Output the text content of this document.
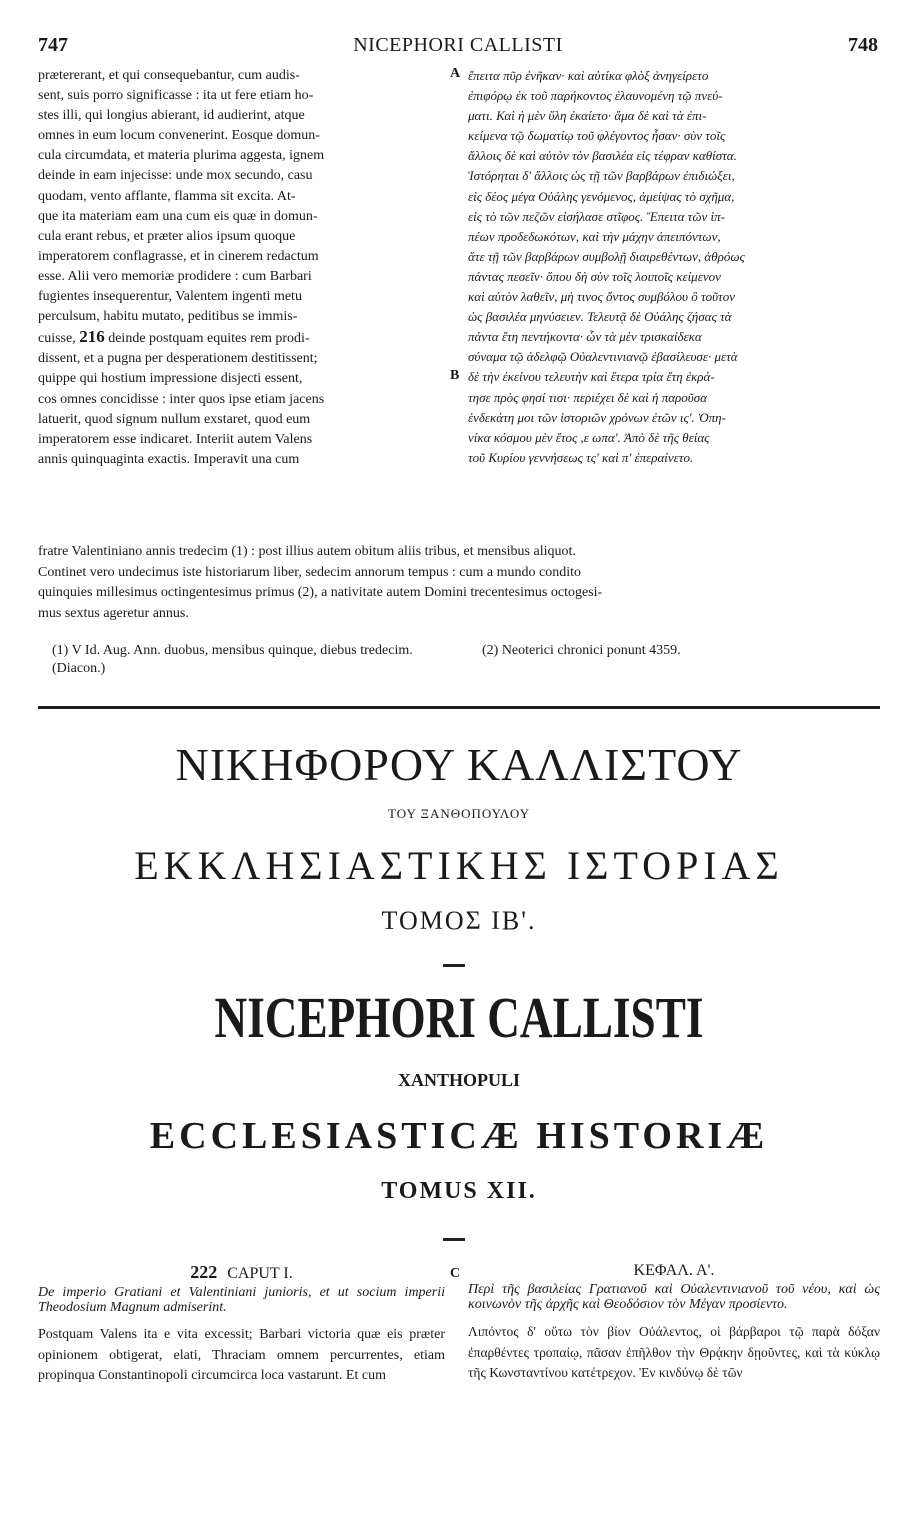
747	NICEPHORI CALLISTI	748
prætererant, et qui consequebantur, cum audis-
sent, suis porro significasse : ita ut fere etiam ho-
stes illi, qui longius abierant, id audierint, atque
omnes in eum locum convenerint. Eosque domun-
cula circumdata, et materia plurima aggesta, ignem
deinde in eam injecisse: unde mox secundo, casu
quodam, vento afflante, flamma sit excita. At-
que ita materiam eam una cum eis quæ in domun-
cula erant rebus, et præter alios ipsum quoque
imperatorem conflagrasse, et in cinerem redactum
esse. Alii vero memoriæ prodidere : cum Barbari
fugientes insequerentur, Valentem ingenti metu
perculsum, habitu mutato, peditibus se immis-
cuisse, 216 deinde postquam equites rem prodi-
dissent, et a pugna per desperationem destitissent;
quippe qui hostium impressione disjecti essent,
cos omnes concidisse : inter quos ipse etiam jacens
latuerit, quod signum nullum exstaret, quod eum
imperatorem esse indicaret. Interiit autem Valens
annis quinquaginta exactis. Imperavit una cum
A
B
ἔπειτα πῦρ ἐνῆκαν· καὶ αὐτίκα φλὸξ ἀνηγείρετο
ἐπιφόρῳ ἐκ τοῦ παρήκοντος ἐλαυνομένη τῷ πνεύ-
ματι. Καὶ ἡ μὲν ὕλη ἐκαίετο· ἅμα δὲ καὶ τὰ ἐπι-
κείμενα τῷ δωματίῳ τοῦ φλέγοντος ἦσαν· σὺν τοῖς
ἄλλοις δὲ καὶ αὐτὸν τὸν βασιλέα εἰς τέφραν καθίστα.
Ἱστόρηται δ' ἄλλοις ὡς τῇ τῶν βαρβάρων ἐπιδιώξει,
εἰς δέος μέγα Οὐάλης γενόμενος, ἀμείψας τὸ σχῆμα,
εἰς τὸ τῶν πεζῶν εἰσήλασε στῖφος. Ἔπειτα τῶν ἱπ-
πέων προδεδωκότων, καὶ τὴν μάχην ἀπειπόντων,
ἅτε τῇ τῶν βαρβάρων συμβολῇ διαιρεθέντων, ἀθρόως
πάντας πεσεῖν· ὅπου δὴ σὺν τοῖς λοιποῖς κείμενον
καὶ αὐτὸν λαθεῖν, μὴ τινος ὄντος συμβόλου ὃ τοῦτον
ὡς βασιλέα μηνύσειεν. Τελευτᾷ δὲ Οὐάλης ζήσας τὰ
πάντα ἔτη πεντήκοντα· ὧν τὰ μὲν τρισκαίδεκα
σύναμα τῷ ἀδελφῷ Οὐαλεντινιανῷ ἐβασίλευσε· μετὰ
δὲ τὴν ἐκείνου τελευτὴν καὶ ἕτερα τρία ἔτη ἐκρά-
τησε πρὸς φησί τισι· περιέχει δὲ καὶ ἡ παροῦσα
ἑνδεκάτη μοι τῶν ἱστοριῶν χρόνων ἐτῶν ις'. Ὁπη-
νίκα κόσμου μὲν ἔτος ,ε ωπα'. Ἀπὸ δὲ τῆς θείας
τοῦ Κυρίου γεννήσεως τς' καὶ π' ἐπεραίνετο.
fratre Valentiniano annis tredecim (1) : post illius autem obitum aliis tribus, et mensibus aliquot.
Continet vero undecimus iste historiarum liber, sedecim annorum tempus : cum a mundo condito
quinquies millesimus octingentesimus primus (2), a nativitate autem Domini trecentesimus octogesi-
mus sextus ageretur annus.
(1) V Id. Aug. Ann. duobus, mensibus quinque, diebus tredecim. (Diacon.)
(2) Neoterici chronici ponunt 4359.
ΝΙΚΗΦΟΡΟΥ ΚΑΛΛΙΣΤΟΥ
ΤΟΥ ΞΑΝΘΟΠΟΥΛΟΥ
ΕΚΚΛΗΣΙΑΣΤΙΚΗΣ ΙΣΤΟΡΙΑΣ
ΤΟΜΟΣ ΙΒ'.
NICEPHORI CALLISTI
XANTHOPULI
ECCLESIASTICÆ HISTORIÆ
TOMUS XII.
222 CAPUT I.
De imperio Gratiani et Valentiniani junioris, et ut socium imperii Theodosium Magnum admiserint.
Postquam Valens ita e vita excessit; Barbari victoria quæ eis præter opinionem obtigerat, elati, Thraciam omnem percurrentes, etiam propinqua Constantinopoli circumcirca loca vastarunt. Et cum
C	ΚΕΦΑΛ. Α'.
Περὶ τῆς βασιλείας Γρατιανοῦ καὶ Οὐαλεντινιανοῦ τοῦ νέου, καὶ ὡς κοινωνὸν τῆς ἀρχῆς καὶ Θεοδόσιον τὸν Μέγαν προσίεντο.
Λιπόντος δ' οὕτω τὸν βίον Οὐάλεντος, οἱ βάρβαροι τῷ παρὰ δόξαν ἐπαρθέντες τροπαίῳ, πᾶσαν ἐπῆλθον τὴν Θρᾴκην δῃοῦντες, καὶ τὰ κύκλῳ τῆς Κωνσταντίνου κατέτρεχον. Ἐν κινδύνῳ δὲ τῶν
